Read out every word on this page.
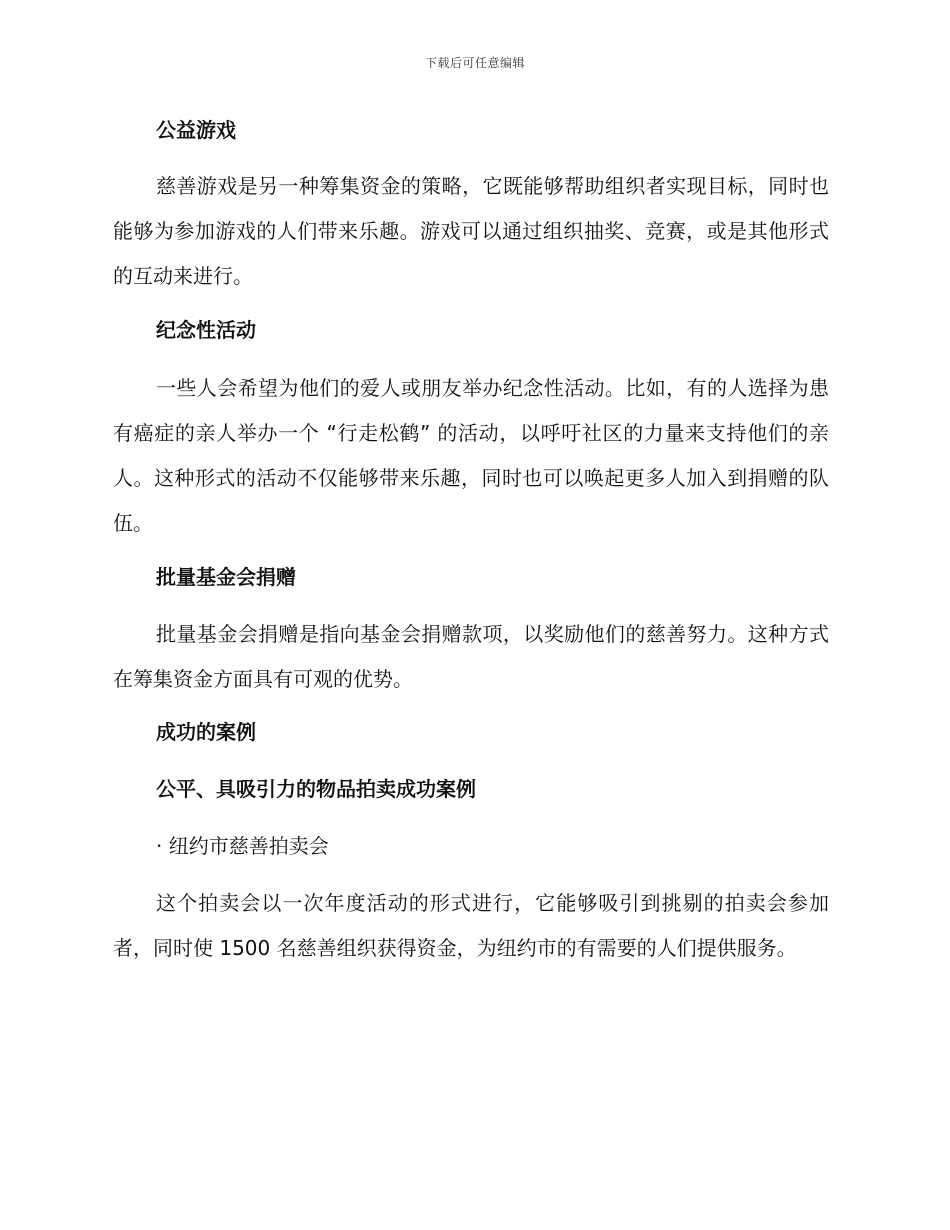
下载后可任意编辑
公益游戏

慈善游戏是另一种筹集资金的策略，它既能够帮助组织者实现目标，同时也能够为参加游戏的人们带来乐趣。游戏可以通过组织抽奖、竞赛，或是其他形式的互动来进行。

纪念性活动

一些人会希望为他们的爱人或朋友举办纪念性活动。比如，有的人选择为患有癌症的亲人举办一个 “行走松鹤” 的活动，以呼吁社区的力量来支持他们的亲人。这种形式的活动不仅能够带来乐趣，同时也可以唤起更多人加入到捐赠的队伍。

批量基金会捐赠

批量基金会捐赠是指向基金会捐赠款项，以奖励他们的慈善努力。这种方式在筹集资金方面具有可观的优势。

成功的案例
公平、具吸引力的物品拍卖成功案例

· 纽约市慈善拍卖会

这个拍卖会以一次年度活动的形式进行，它能够吸引到挑剔的拍卖会参加者，同时使 1500 名慈善组织获得资金，为纽约市的有需要的人们提供服务。
